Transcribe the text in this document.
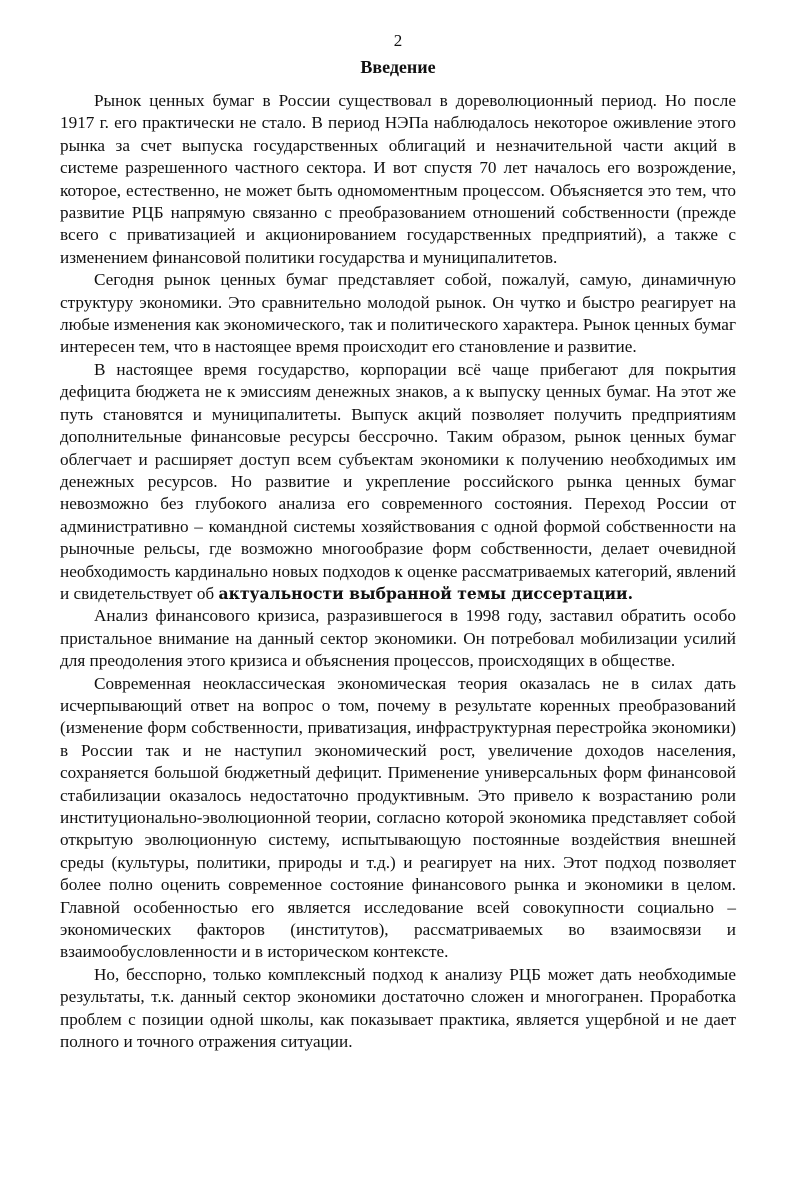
2
Введение

Рынок ценных бумаг в России существовал в дореволюционный период. Но после 1917 г. его практически не стало. В период НЭПа наблюдалось некоторое оживление этого рынка за счет выпуска государственных облигаций и незначительной части акций в системе разрешенного частного сектора. И вот спустя 70 лет началось его возрождение, которое, естественно, не может быть одномоментным процессом. Объясняется это тем, что развитие РЦБ напрямую связанно с преобразованием отношений собственности (прежде всего с приватизацией и акционированием государственных предприятий), а также с изменением финансовой политики государства и муниципалитетов.

Сегодня рынок ценных бумаг представляет собой, пожалуй, самую, динамичную структуру экономики. Это сравнительно молодой рынок. Он чутко и быстро реагирует на любые изменения как экономического, так и политического характера. Рынок ценных бумаг интересен тем, что в настоящее время происходит его становление и развитие.

В настоящее время государство, корпорации всё чаще прибегают для покрытия дефицита бюджета не к эмиссиям денежных знаков, а к выпуску ценных бумаг. На этот же путь становятся и муниципалитеты. Выпуск акций позволяет получить предприятиям дополнительные финансовые ресурсы бессрочно. Таким образом, рынок ценных бумаг облегчает и расширяет доступ всем субъектам экономики к получению необходимых им денежных ресурсов. Но развитие и укрепление российского рынка ценных бумаг невозможно без глубокого анализа его современного состояния. Переход России от административно – командной системы хозяйствования с одной формой собственности на рыночные рельсы, где возможно многообразие форм собственности, делает очевидной необходимость кардинально новых подходов к оценке рассматриваемых категорий, явлений и свидетельствует об актуальности выбранной темы диссертации.

Анализ финансового кризиса, разразившегося в 1998 году, заставил обратить особо пристальное внимание на данный сектор экономики. Он потребовал мобилизации усилий для преодоления этого кризиса и объяснения процессов, происходящих в обществе.

Современная неоклассическая экономическая теория оказалась не в силах дать исчерпывающий ответ на вопрос о том, почему в результате коренных преобразований (изменение форм собственности, приватизация, инфраструктурная перестройка экономики) в России так и не наступил экономический рост, увеличение доходов населения, сохраняется большой бюджетный дефицит. Применение универсальных форм финансовой стабилизации оказалось недостаточно продуктивным. Это привело к возрастанию роли институционально-эволюционной теории, согласно которой экономика представляет собой открытую эволюционную систему, испытывающую постоянные воздействия внешней среды (культуры, политики, природы и т.д.) и реагирует на них. Этот подход позволяет более полно оценить современное состояние финансового рынка и экономики в целом. Главной особенностью его является исследование всей совокупности социально – экономических факторов (институтов), рассматриваемых во взаимосвязи и взаимообусловленности и в историческом контексте.

Но, бесспорно, только комплексный подход к анализу РЦБ может дать необходимые результаты, т.к. данный сектор экономики достаточно сложен и многогранен. Проработка проблем с позиции одной школы, как показывает практика, является ущербной и не дает полного и точного отражения ситуации.
